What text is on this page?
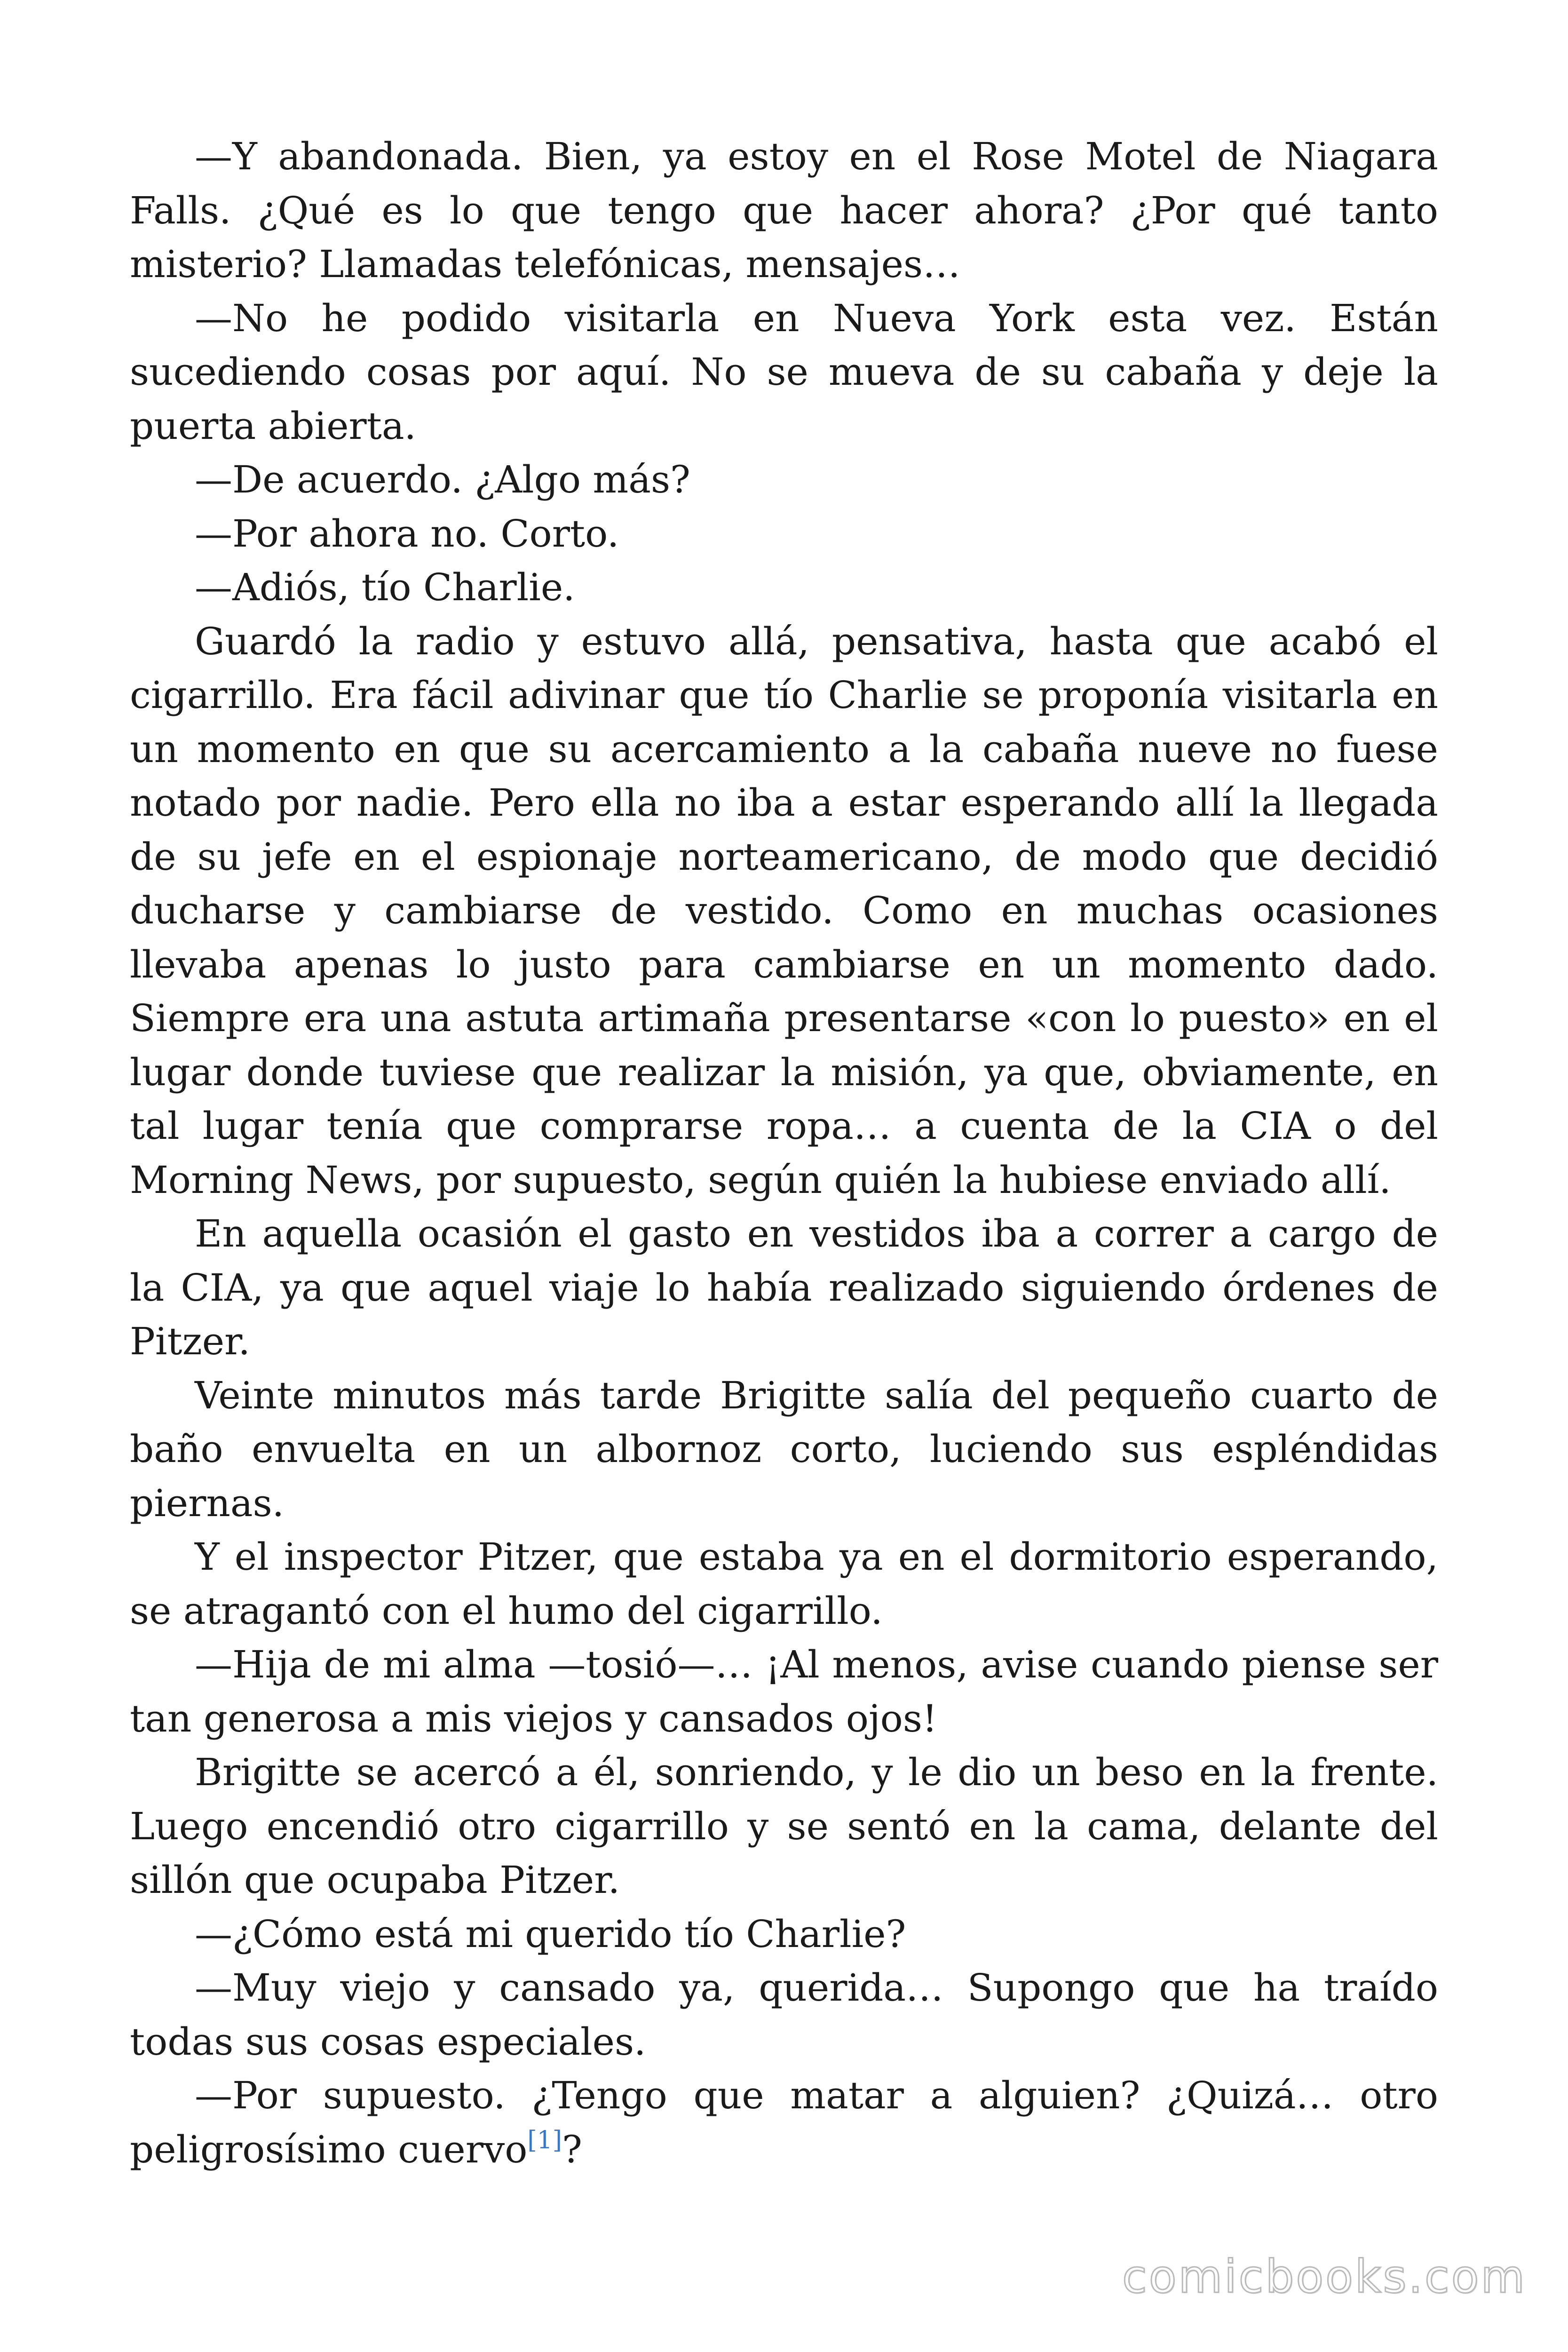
—Y abandonada. Bien, ya estoy en el Rose Motel de Niagara Falls. ¿Qué es lo que tengo que hacer ahora? ¿Por qué tanto misterio? Llamadas telefónicas, mensajes…

—No he podido visitarla en Nueva York esta vez. Están sucediendo cosas por aquí. No se mueva de su cabaña y deje la puerta abierta.

—De acuerdo. ¿Algo más?

—Por ahora no. Corto.

—Adiós, tío Charlie.

Guardó la radio y estuvo allá, pensativa, hasta que acabó el cigarrillo. Era fácil adivinar que tío Charlie se proponía visitarla en un momento en que su acercamiento a la cabaña nueve no fuese notado por nadie. Pero ella no iba a estar esperando allí la llegada de su jefe en el espionaje norteamericano, de modo que decidió ducharse y cambiarse de vestido. Como en muchas ocasiones llevaba apenas lo justo para cambiarse en un momento dado. Siempre era una astuta artimaña presentarse «con lo puesto» en el lugar donde tuviese que realizar la misión, ya que, obviamente, en tal lugar tenía que comprarse ropa… a cuenta de la CIA o del Morning News, por supuesto, según quién la hubiese enviado allí.

En aquella ocasión el gasto en vestidos iba a correr a cargo de la CIA, ya que aquel viaje lo había realizado siguiendo órdenes de Pitzer.

Veinte minutos más tarde Brigitte salía del pequeño cuarto de baño envuelta en un albornoz corto, luciendo sus espléndidas piernas.

Y el inspector Pitzer, que estaba ya en el dormitorio esperando, se atragantó con el humo del cigarrillo.

—Hija de mi alma —tosió—… ¡Al menos, avise cuando piense ser tan generosa a mis viejos y cansados ojos!

Brigitte se acercó a él, sonriendo, y le dio un beso en la frente. Luego encendió otro cigarrillo y se sentó en la cama, delante del sillón que ocupaba Pitzer.

—¿Cómo está mi querido tío Charlie?

—Muy viejo y cansado ya, querida… Supongo que ha traído todas sus cosas especiales.

—Por supuesto. ¿Tengo que matar a alguien? ¿Quizá… otro peligrosísimo cuervo[1]?

comicbooks.com
